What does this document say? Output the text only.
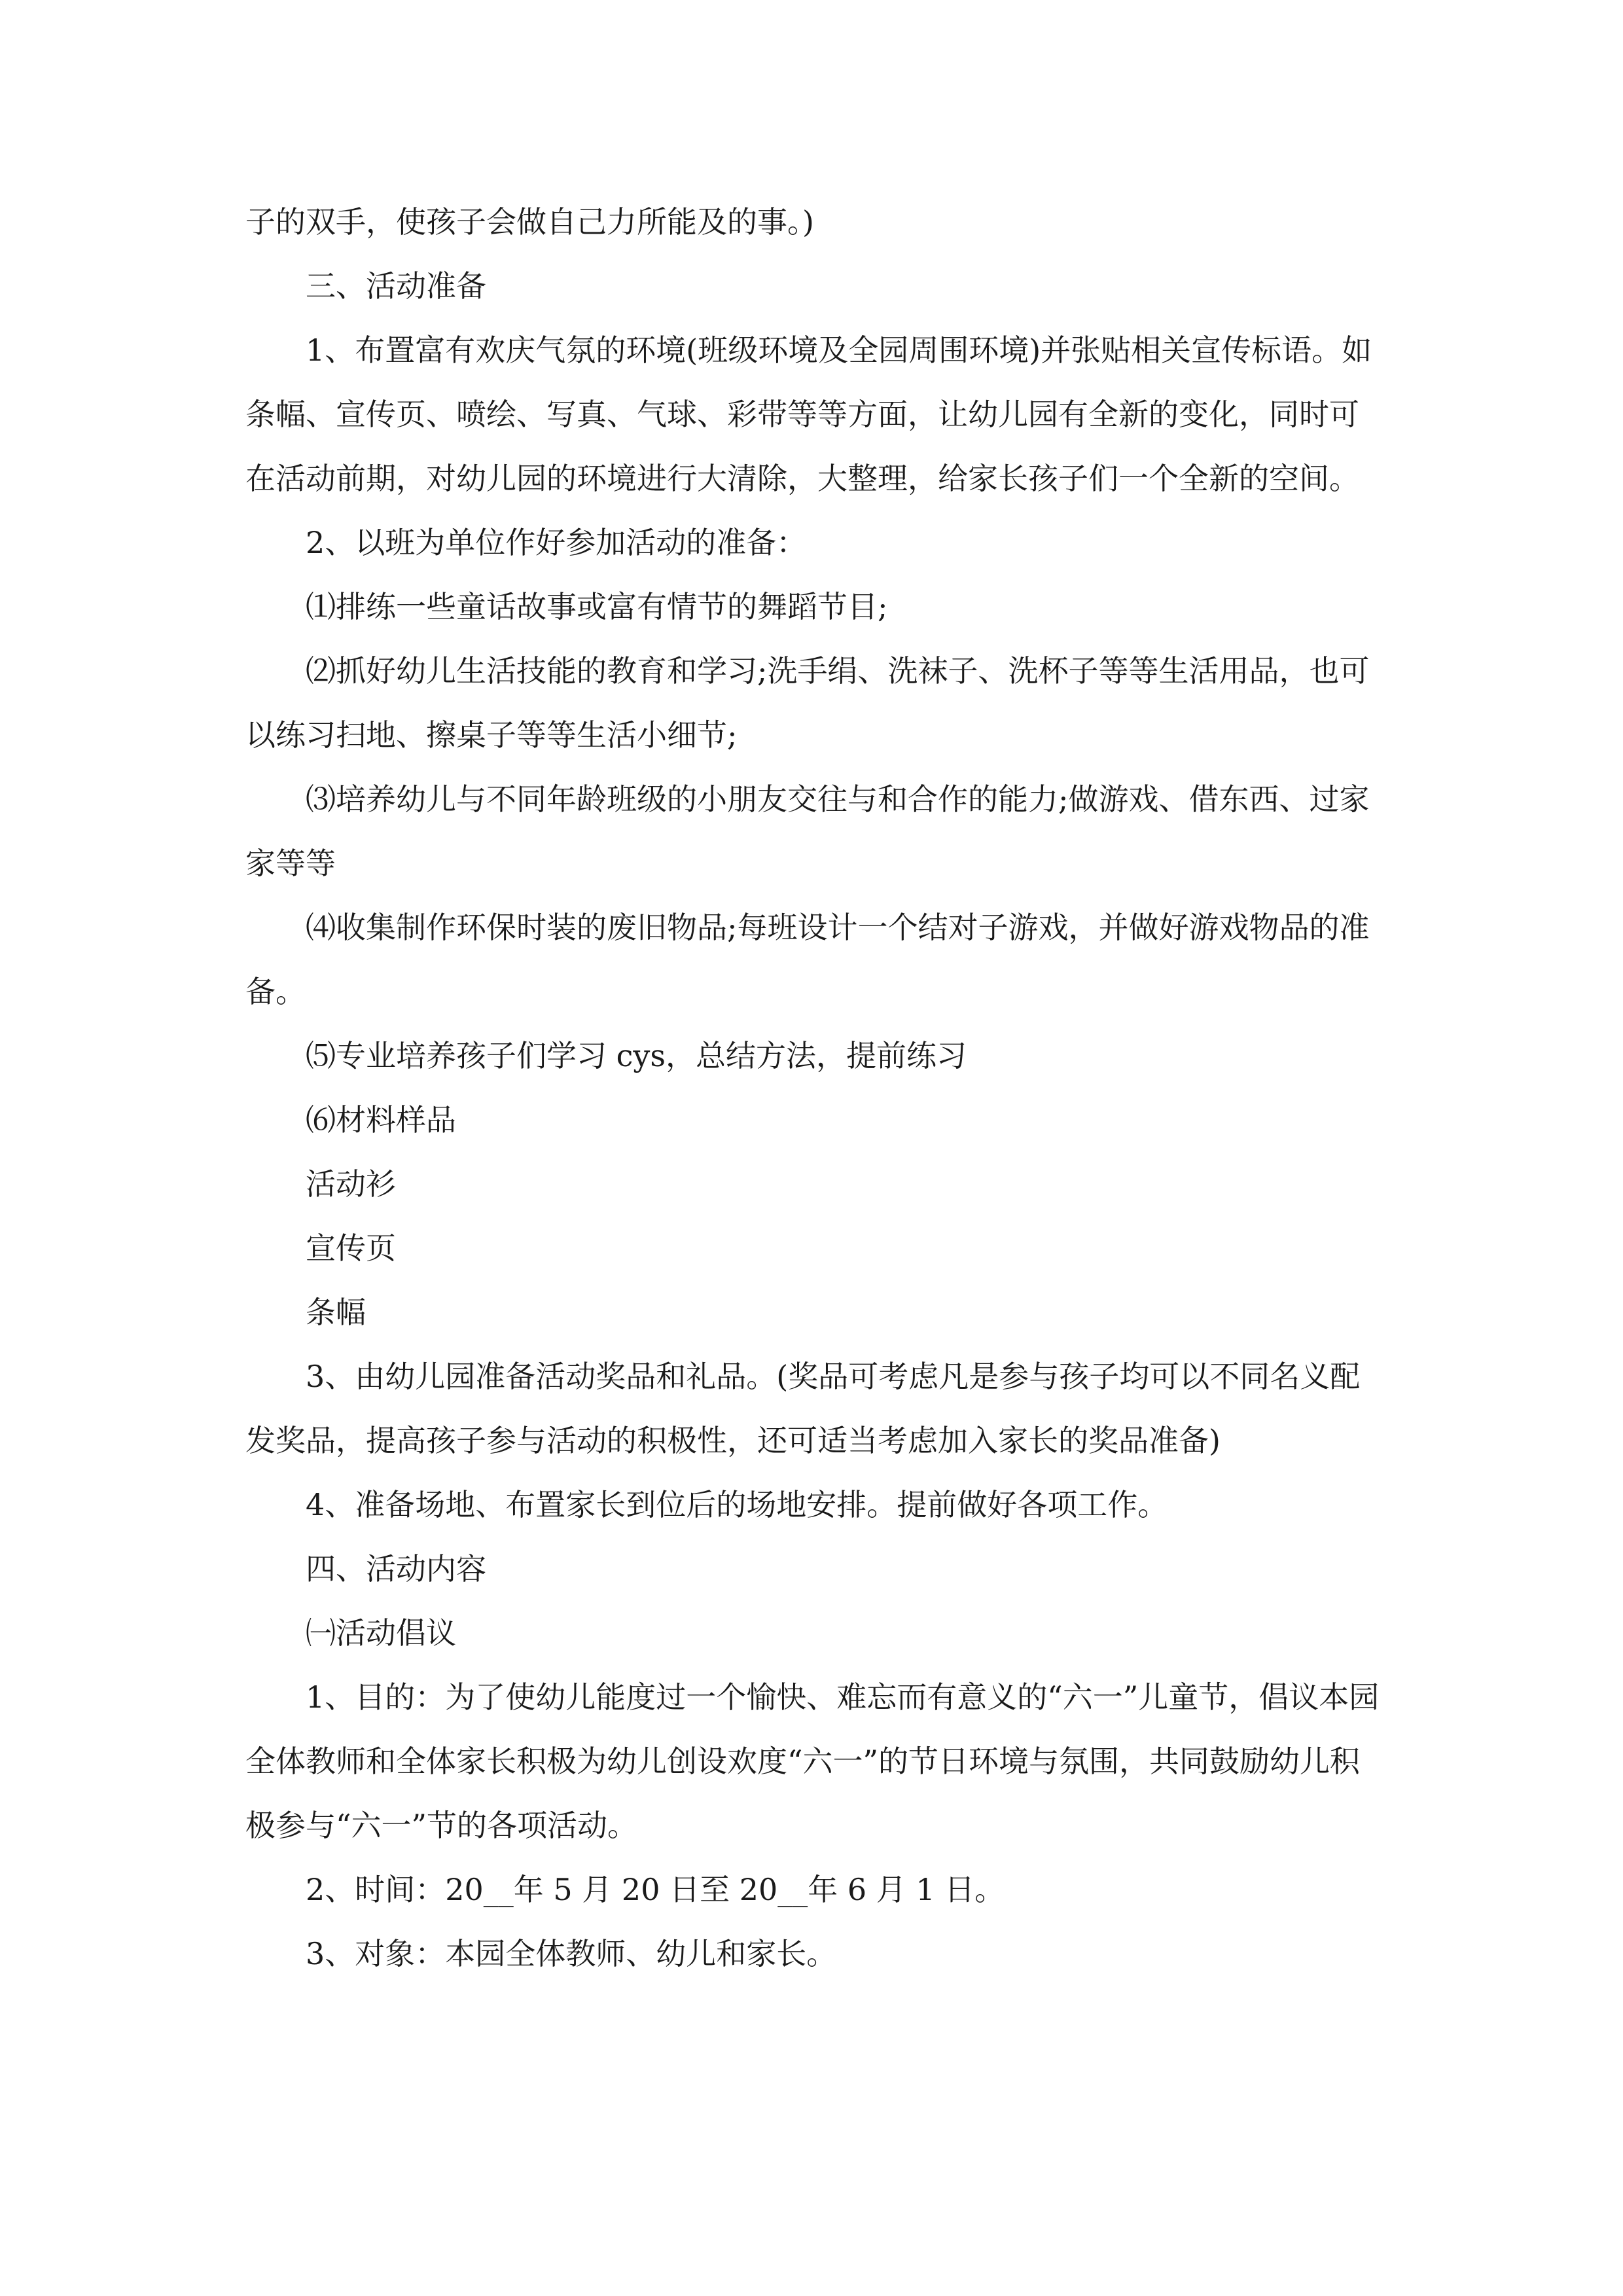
子的双手，使孩子会做自己力所能及的事。)

三、活动准备

1、布置富有欢庆气氛的环境(班级环境及全园周围环境)并张贴相关宣传标语。如条幅、宣传页、喷绘、写真、气球、彩带等等方面，让幼儿园有全新的变化，同时可在活动前期，对幼儿园的环境进行大清除，大整理，给家长孩子们一个全新的空间。

2、以班为单位作好参加活动的准备：

⑴排练一些童话故事或富有情节的舞蹈节目;

⑵抓好幼儿生活技能的教育和学习;洗手绢、洗袜子、洗杯子等等生活用品，也可以练习扫地、擦桌子等等生活小细节;

⑶培养幼儿与不同年龄班级的小朋友交往与和合作的能力;做游戏、借东西、过家家等等

⑷收集制作环保时装的废旧物品;每班设计一个结对子游戏，并做好游戏物品的准备。

⑸专业培养孩子们学习 cys，总结方法，提前练习

⑹材料样品

活动衫

宣传页

条幅

3、由幼儿园准备活动奖品和礼品。(奖品可考虑凡是参与孩子均可以不同名义配发奖品，提高孩子参与活动的积极性，还可适当考虑加入家长的奖品准备)

4、准备场地、布置家长到位后的场地安排。提前做好各项工作。

四、活动内容

㈠活动倡议

1、目的：为了使幼儿能度过一个愉快、难忘而有意义的“六一”儿童节，倡议本园全体教师和全体家长积极为幼儿创设欢度“六一”的节日环境与氛围，共同鼓励幼儿积极参与“六一”节的各项活动。

2、时间：20__年 5 月 20 日至 20__年 6 月 1 日。

3、对象：本园全体教师、幼儿和家长。
